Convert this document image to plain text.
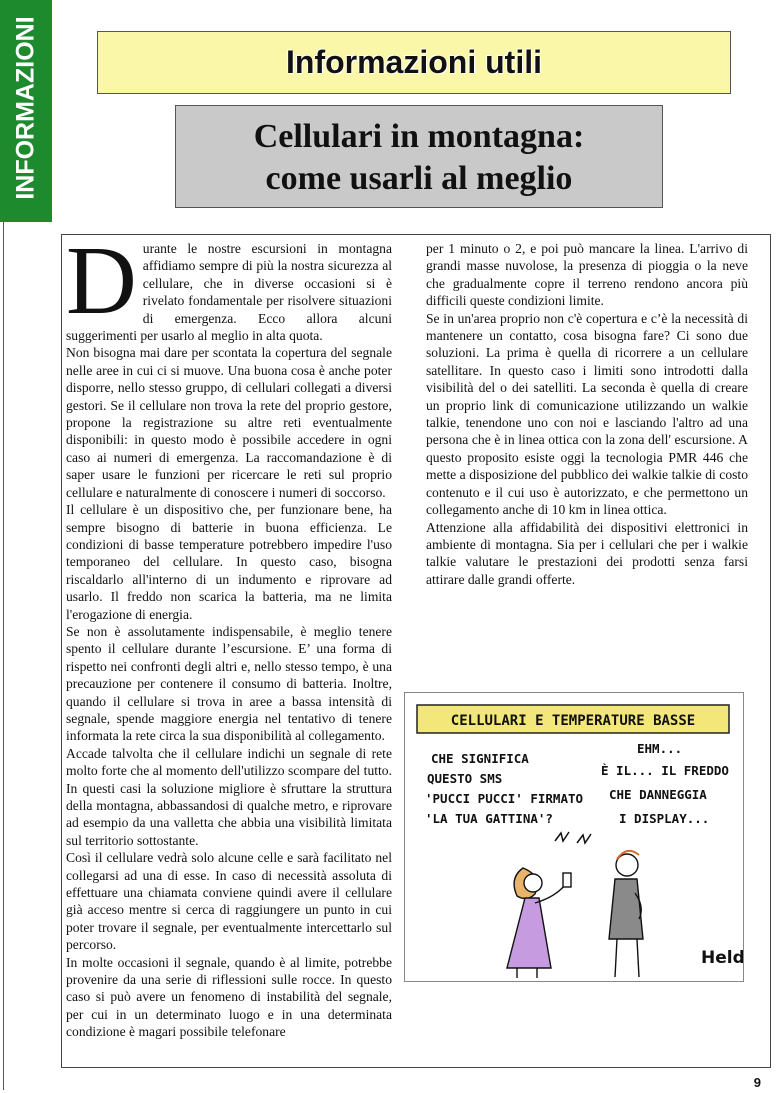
INFORMAZIONI	Informazioni utili
Cellulari in montagna:
come usarli al meglio

Durante le nostre escursioni in montagna affidiamo sempre di più la nostra sicurezza al cellulare, che in diverse occasioni si è rivelato fondamentale per risolvere situazioni di emergenza. Ecco allora alcuni suggerimenti per usarlo al meglio in alta quota.

Non bisogna mai dare per scontata la copertura del segnale nelle aree in cui ci si muove. Una buona cosa è anche poter disporre, nello stesso gruppo, di cellulari collegati a diversi gestori. Se il cellulare non trova la rete del proprio gestore, propone la registrazione su altre reti eventualmente disponibili: in questo modo è possibile accedere in ogni caso ai numeri di emergenza. La raccomandazione è di saper usare le funzioni per ricercare le reti sul proprio cellulare e naturalmente di conoscere i numeri di soccorso.

Il cellulare è un dispositivo che, per funzionare bene, ha sempre bisogno di batterie in buona efficienza. Le condizioni di basse temperature potrebbero impedire l'uso temporaneo del cellulare. In questo caso, bisogna riscaldarlo all'interno di un indumento e riprovare ad usarlo. Il freddo non scarica la batteria, ma ne limita l'erogazione di energia.

Se non è assolutamente indispensabile, è meglio tenere spento il cellulare durante l’escursione. E’ una forma di rispetto nei confronti degli altri e, nello stesso tempo, è una precauzione per contenere il consumo di batteria. Inoltre, quando il cellulare si trova in aree a bassa intensità di segnale, spende maggiore energia nel tentativo di tenere informata la rete circa la sua disponibilità al collegamento.

Accade talvolta che il cellulare indichi un segnale di rete molto forte che al momento dell'utilizzo scompare del tutto. In questi casi la soluzione migliore è sfruttare la struttura della montagna, abbassandosi di qualche metro, e riprovare ad esempio da una valletta che abbia una visibilità limitata sul territorio sottostante.

Così il cellulare vedrà solo alcune celle e sarà facilitato nel collegarsi ad una di esse. In caso di necessità assoluta di effettuare una chiamata conviene quindi avere il cellulare già acceso mentre si cerca di raggiungere un punto in cui poter trovare il segnale, per eventualmente intercettarlo sul percorso.

In molte occasioni il segnale, quando è al limite, potrebbe provenire da una serie di riflessioni sulle rocce. In questo caso si può avere un fenomeno di instabilità del segnale, per cui in un determinato luogo e in una determinata condizione è magari possibile telefonare

per 1 minuto o 2, e poi può mancare la linea. L'arrivo di grandi masse nuvolose, la presenza di pioggia o la neve che gradualmente copre il terreno rendono ancora più difficili queste condizioni limite.

Se in un'area proprio non c'è copertura e c’è la necessità di mantenere un contatto, cosa bisogna fare? Ci sono due soluzioni. La prima è quella di ricorrere a un cellulare satellitare. In questo caso i limiti sono introdotti dalla visibilità del o dei satelliti. La seconda è quella di creare un proprio link di comunicazione utilizzando un walkie talkie, tenendone uno con noi e lasciando l'altro ad una persona che è in linea ottica con la zona dell' escursione. A questo proposito esiste oggi la tecnologia PMR 446 che mette a disposizione del pubblico dei walkie talkie di costo contenuto e il cui uso è autorizzato, e che permettono un collegamento anche di 10 km in linea ottica.

Attenzione alla affidabilità dei dispositivi elettronici in ambiente di montagna. Sia per i cellulari che per i walkie talkie valutare le prestazioni dei prodotti senza farsi attirare dalle grandi offerte.

CELLULARI E TEMPERATURE BASSE
CHE SIGNIFICA
QUESTO SMS
'PUCCI PUCCI' FIRMATO
'LA TUA GATTINA'?
EHM...
È IL... IL FREDDO
CHE DANNEGGIA
I DISPLAY...
Held
9
